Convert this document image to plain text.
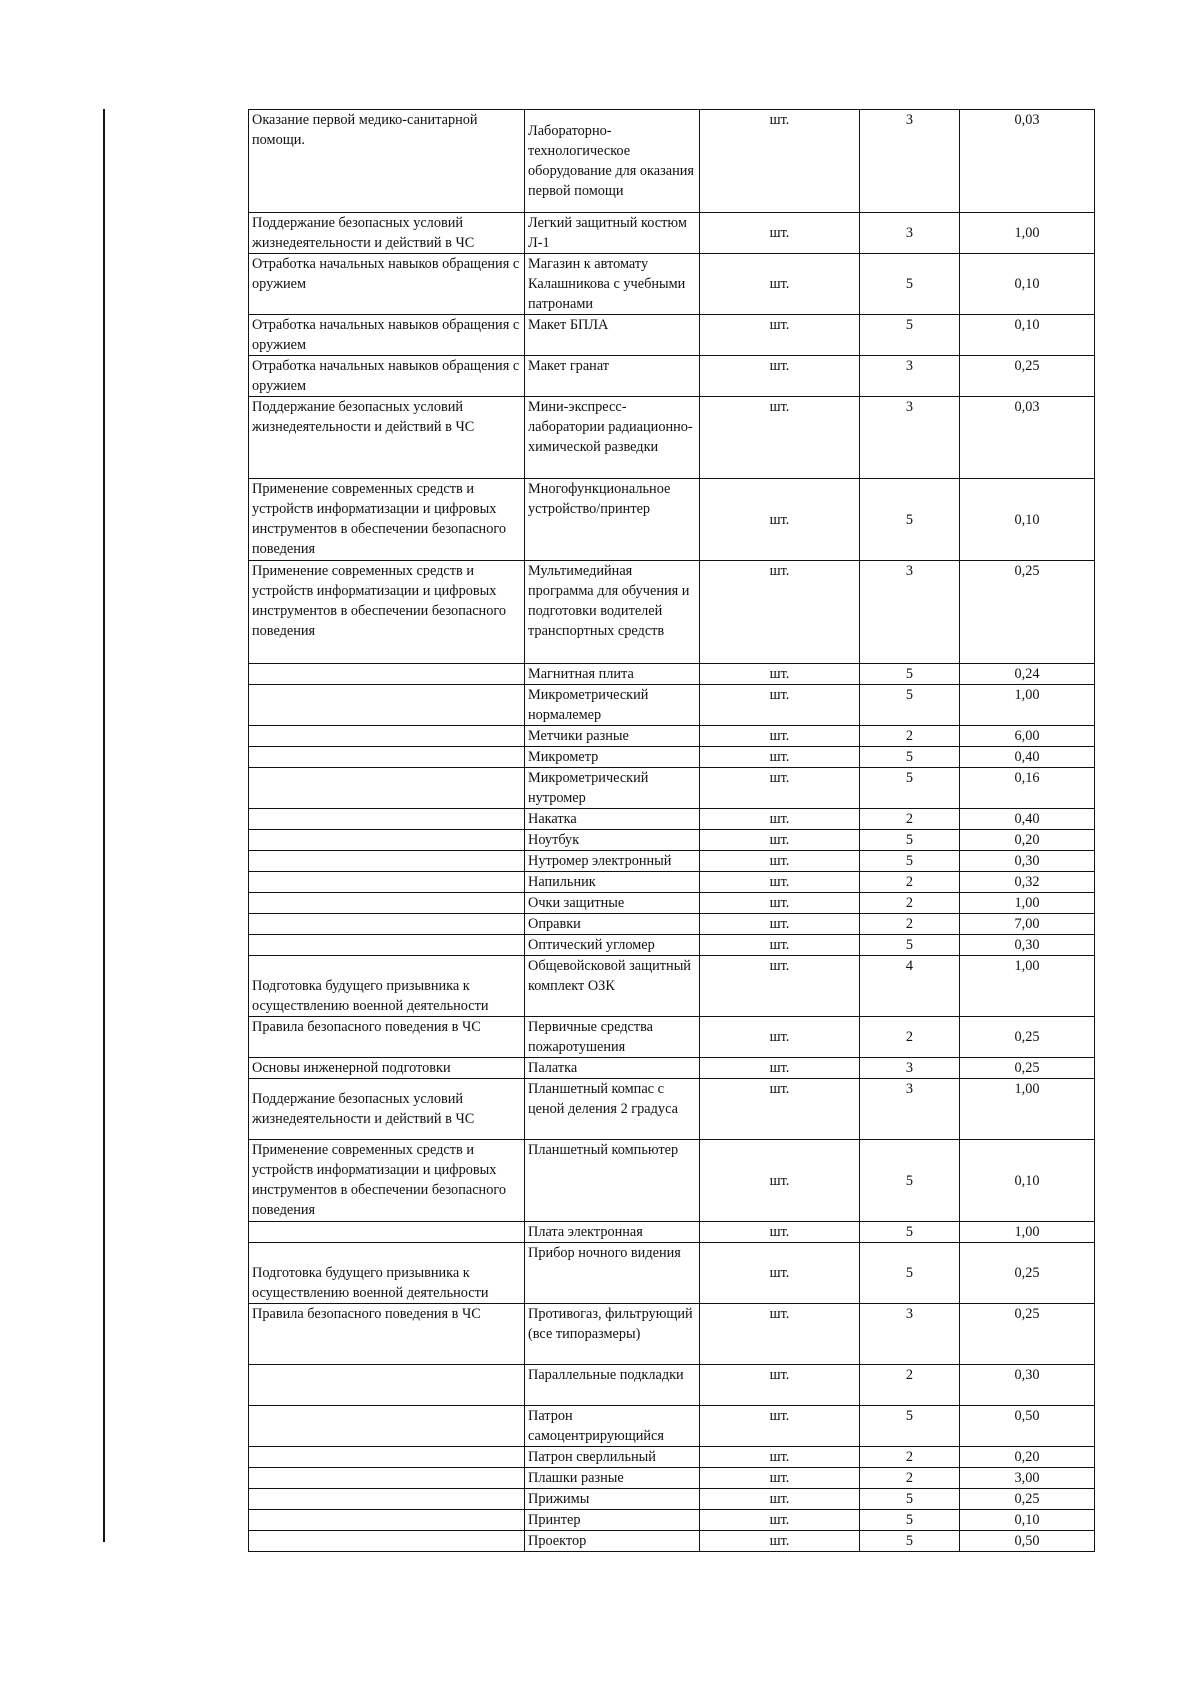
Оказание первой медико-санитарной помощи.	Лабораторно-технологическое оборудование для оказания первой помощи	шт.	3	0,03
Поддержание безопасных условий жизнедеятельности и действий в ЧС	Легкий защитный костюм Л-1	шт.	3	1,00
Отработка начальных навыков обращения с оружием	Магазин к автомату Калашникова с учебными патронами	шт.	5	0,10
Отработка начальных навыков обращения с оружием	Макет БПЛА	шт.	5	0,10
Отработка начальных навыков обращения с оружием	Макет гранат	шт.	3	0,25
Поддержание безопасных условий жизнедеятельности и действий в ЧС	Мини-экспресс-лаборатории радиационно-химической разведки	шт.	3	0,03
Применение современных средств и устройств информатизации и цифровых инструментов в обеспечении безопасного поведения	Многофункциональное устройство/принтер	шт.	5	0,10
Применение современных средств и устройств информатизации и цифровых инструментов в обеспечении безопасного поведения	Мультимедийная программа для обучения и подготовки водителей транспортных средств	шт.	3	0,25
	Магнитная плита	шт.	5	0,24
	Микрометрический нормалемер	шт.	5	1,00
	Метчики разные	шт.	2	6,00
	Микрометр	шт.	5	0,40
	Микрометрический нутромер	шт.	5	0,16
	Накатка	шт.	2	0,40
	Ноутбук	шт.	5	0,20
	Нутромер электронный	шт.	5	0,30
	Напильник	шт.	2	0,32
	Очки защитные	шт.	2	1,00
	Оправки	шт.	2	7,00
	Оптический угломер	шт.	5	0,30
Подготовка будущего призывника к осуществлению военной деятельности	Общевойсковой защитный комплект ОЗК	шт.	4	1,00
Правила безопасного поведения в ЧС	Первичные средства пожаротушения	шт.	2	0,25
Основы инженерной подготовки	Палатка	шт.	3	0,25
Поддержание безопасных условий жизнедеятельности и действий в ЧС	Планшетный компас с ценой деления 2 градуса	шт.	3	1,00
Применение современных средств и устройств информатизации и цифровых инструментов в обеспечении безопасного поведения	Планшетный компьютер	шт.	5	0,10
	Плата электронная	шт.	5	1,00
Подготовка будущего призывника к осуществлению военной деятельности	Прибор ночного видения	шт.	5	0,25
Правила безопасного поведения в ЧС	Противогаз, фильтрующий (все типоразмеры)	шт.	3	0,25
	Параллельные подкладки	шт.	2	0,30
	Патрон самоцентрирующийся	шт.	5	0,50
	Патрон сверлильный	шт.	2	0,20
	Плашки разные	шт.	2	3,00
	Прижимы	шт.	5	0,25
	Принтер	шт.	5	0,10
	Проектор	шт.	5	0,50
